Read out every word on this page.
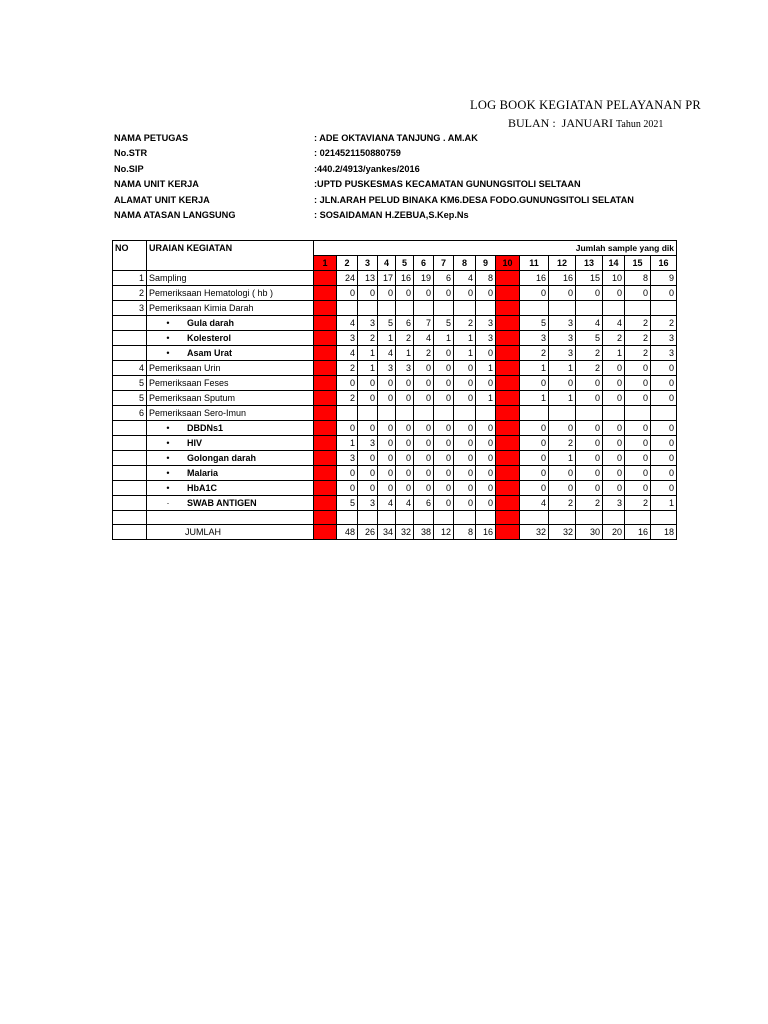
LOG BOOK KEGIATAN PELAYANAN PR
BULAN : JANUARI Tahun 2021
NAMA PETUGAS	: ADE OKTAVIANA TANJUNG . AM.AK
No.STR	: 0214521150880759
No.SIP	:440.2/4913/yankes/2016
NAMA UNIT KERJA	:UPTD PUSKESMAS KECAMATAN GUNUNGSITOLI SELTAAN
ALAMAT UNIT KERJA	: JLN.ARAH PELUD BINAKA KM6.DESA FODO.GUNUNGSITOLI SELATAN
NAMA ATASAN LANGSUNG	: SOSAIDAMAN H.ZEBUA,S.Kep.Ns
NO	URAIAN KEGIATAN	Jumlah sample yang dik															
		1	2	3	4	5	6	7	8	9	10	11	12	13	14	15	16
1	Sampling		24	13	17	16	19	6	4	8		16	16	15	10	8	9
2	Pemeriksaan Hematologi ( hb )		0	0	0	0	0	0	0	0		0	0	0	0	0	0
3	Pemeriksaan Kimia Darah																
	• Gula darah		4	3	5	6	7	5	2	3		5	3	4	4	2	2
	• Kolesterol		3	2	1	2	4	1	1	3		3	3	5	2	2	3
	• Asam Urat		4	1	4	1	2	0	1	0		2	3	2	1	2	3
4	Pemeriksaan Urin		2	1	3	3	0	0	0	1		1	1	2	0	0	0
5	Pemeriksaan Feses		0	0	0	0	0	0	0	0		0	0	0	0	0	0
5	Pemeriksaan Sputum		2	0	0	0	0	0	0	1		1	1	0	0	0	0
6	Pemeriksaan Sero-Imun																
	• DBDNs1		0	0	0	0	0	0	0	0		0	0	0	0	0	0
	• HIV		1	3	0	0	0	0	0	0		0	2	0	0	0	0
	• Golongan darah		3	0	0	0	0	0	0	0		0	1	0	0	0	0
	• Malaria		0	0	0	0	0	0	0	0		0	0	0	0	0	0
	• HbA1C		0	0	0	0	0	0	0	0		0	0	0	0	0	0
	· SWAB ANTIGEN		5	3	4	4	6	0	0	0		4	2	2	3	2	1

	JUMLAH		48	26	34	32	38	12	8	16		32	32	30	20	16	18
